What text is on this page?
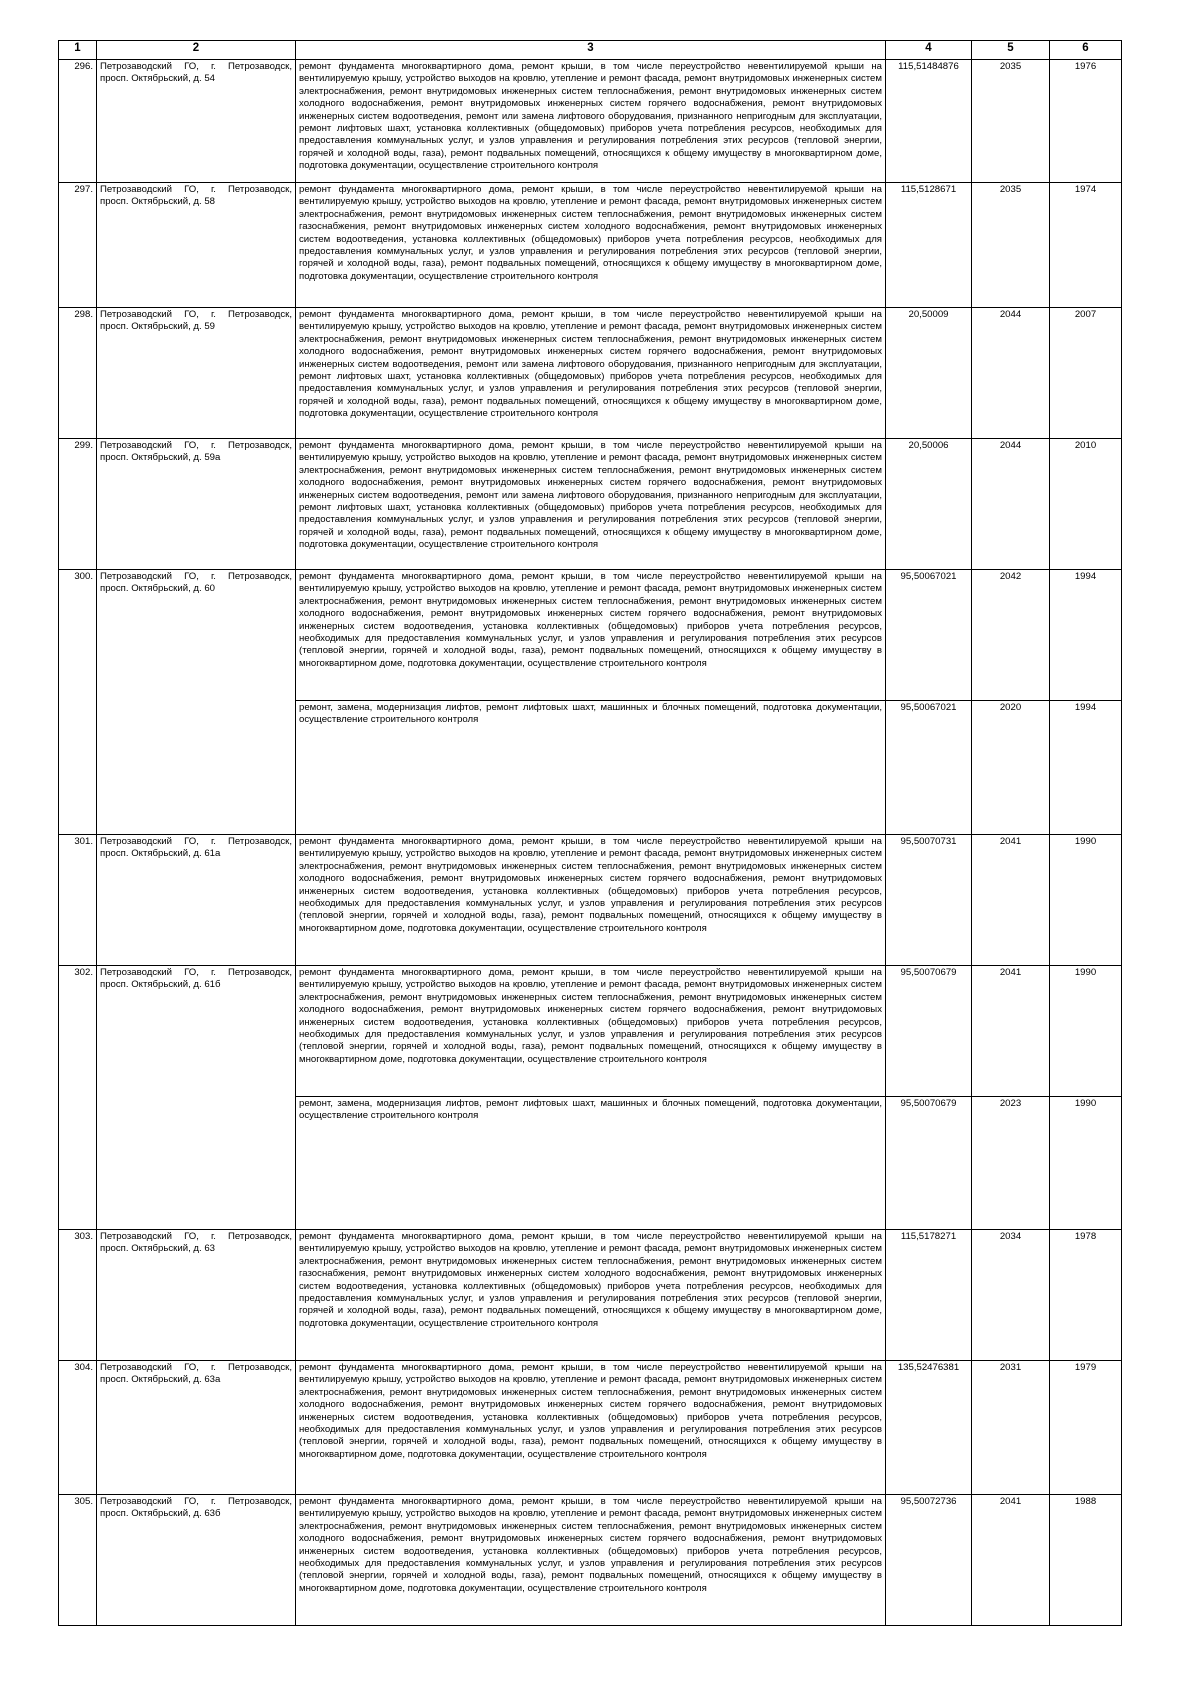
1	2	3	4	5	6
296.	Петрозаводский ГО, г. Петрозаводск, просп. Октябрьский, д. 54	ремонт фундамента многоквартирного дома, ремонт крыши, в том числе переустройство невентилируемой крыши на вентилируемую крышу, устройство выходов на кровлю, утепление и ремонт фасада, ремонт внутридомовых инженерных систем электроснабжения, ремонт внутридомовых инженерных систем теплоснабжения, ремонт внутридомовых инженерных систем холодного водоснабжения, ремонт внутридомовых инженерных систем горячего водоснабжения, ремонт внутридомовых инженерных систем водоотведения, ремонт или замена лифтового оборудования, признанного непригодным для эксплуатации, ремонт лифтовых шахт, установка коллективных (общедомовых) приборов учета потребления ресурсов, необходимых для предоставления коммунальных услуг, и узлов управления и регулирования потребления этих ресурсов (тепловой энергии, горячей и холодной воды, газа), ремонт подвальных помещений, относящихся к общему имуществу в многоквартирном доме, подготовка документации, осуществление строительного контроля	115,51484876	2035	1976
297.	Петрозаводский ГО, г. Петрозаводск, просп. Октябрьский, д. 58	ремонт фундамента многоквартирного дома, ремонт крыши, в том числе переустройство невентилируемой крыши на вентилируемую крышу, устройство выходов на кровлю, утепление и ремонт фасада, ремонт внутридомовых инженерных систем электроснабжения, ремонт внутридомовых инженерных систем теплоснабжения, ремонт внутридомовых инженерных систем газоснабжения, ремонт внутридомовых инженерных систем холодного водоснабжения, ремонт внутридомовых инженерных систем водоотведения, установка коллективных (общедомовых) приборов учета потребления ресурсов, необходимых для предоставления коммунальных услуг, и узлов управления и регулирования потребления этих ресурсов (тепловой энергии, горячей и холодной воды, газа), ремонт подвальных помещений, относящихся к общему имуществу в многоквартирном доме, подготовка документации, осуществление строительного контроля	115,5128671	2035	1974
298.	Петрозаводский ГО, г. Петрозаводск, просп. Октябрьский, д. 59	ремонт фундамента многоквартирного дома, ремонт крыши, в том числе переустройство невентилируемой крыши на вентилируемую крышу, устройство выходов на кровлю, утепление и ремонт фасада, ремонт внутридомовых инженерных систем электроснабжения, ремонт внутридомовых инженерных систем теплоснабжения, ремонт внутридомовых инженерных систем холодного водоснабжения, ремонт внутридомовых инженерных систем горячего водоснабжения, ремонт внутридомовых инженерных систем водоотведения, ремонт или замена лифтового оборудования, признанного непригодным для эксплуатации, ремонт лифтовых шахт, установка коллективных (общедомовых) приборов учета потребления ресурсов, необходимых для предоставления коммунальных услуг, и узлов управления и регулирования потребления этих ресурсов (тепловой энергии, горячей и холодной воды, газа), ремонт подвальных помещений, относящихся к общему имуществу в многоквартирном доме, подготовка документации, осуществление строительного контроля	20,50009	2044	2007
299.	Петрозаводский ГО, г. Петрозаводск, просп. Октябрьский, д. 59а	ремонт фундамента многоквартирного дома, ремонт крыши, в том числе переустройство невентилируемой крыши на вентилируемую крышу, устройство выходов на кровлю, утепление и ремонт фасада, ремонт внутридомовых инженерных систем электроснабжения, ремонт внутридомовых инженерных систем теплоснабжения, ремонт внутридомовых инженерных систем холодного водоснабжения, ремонт внутридомовых инженерных систем горячего водоснабжения, ремонт внутридомовых инженерных систем водоотведения, ремонт или замена лифтового оборудования, признанного непригодным для эксплуатации, ремонт лифтовых шахт, установка коллективных (общедомовых) приборов учета потребления ресурсов, необходимых для предоставления коммунальных услуг, и узлов управления и регулирования потребления этих ресурсов (тепловой энергии, горячей и холодной воды, газа), ремонт подвальных помещений, относящихся к общему имуществу в многоквартирном доме, подготовка документации, осуществление строительного контроля	20,50006	2044	2010
300.	Петрозаводский ГО, г. Петрозаводск, просп. Октябрьский, д. 60	ремонт фундамента многоквартирного дома, ремонт крыши, в том числе переустройство невентилируемой крыши на вентилируемую крышу, устройство выходов на кровлю, утепление и ремонт фасада, ремонт внутридомовых инженерных систем электроснабжения, ремонт внутридомовых инженерных систем теплоснабжения, ремонт внутридомовых инженерных систем холодного водоснабжения, ремонт внутридомовых инженерных систем горячего водоснабжения, ремонт внутридомовых инженерных систем водоотведения, установка коллективных (общедомовых) приборов учета потребления ресурсов, необходимых для предоставления коммунальных услуг, и узлов управления и регулирования потребления этих ресурсов (тепловой энергии, горячей и холодной воды, газа), ремонт подвальных помещений, относящихся к общему имуществу в многоквартирном доме, подготовка документации, осуществление строительного контроля	95,50067021	2042	1994
		ремонт, замена, модернизация лифтов, ремонт лифтовых шахт, машинных и блочных помещений, подготовка документации, осуществление строительного контроля	95,50067021	2020	1994
301.	Петрозаводский ГО, г. Петрозаводск, просп. Октябрьский, д. 61а	ремонт фундамента многоквартирного дома, ремонт крыши, в том числе переустройство невентилируемой крыши на вентилируемую крышу, устройство выходов на кровлю, утепление и ремонт фасада, ремонт внутридомовых инженерных систем электроснабжения, ремонт внутридомовых инженерных систем теплоснабжения, ремонт внутридомовых инженерных систем холодного водоснабжения, ремонт внутридомовых инженерных систем горячего водоснабжения, ремонт внутридомовых инженерных систем водоотведения, установка коллективных (общедомовых) приборов учета потребления ресурсов, необходимых для предоставления коммунальных услуг, и узлов управления и регулирования потребления этих ресурсов (тепловой энергии, горячей и холодной воды, газа), ремонт подвальных помещений, относящихся к общему имуществу в многоквартирном доме, подготовка документации, осуществление строительного контроля	95,50070731	2041	1990
302.	Петрозаводский ГО, г. Петрозаводск, просп. Октябрьский, д. 61б	ремонт фундамента многоквартирного дома, ремонт крыши, в том числе переустройство невентилируемой крыши на вентилируемую крышу, устройство выходов на кровлю, утепление и ремонт фасада, ремонт внутридомовых инженерных систем электроснабжения, ремонт внутридомовых инженерных систем теплоснабжения, ремонт внутридомовых инженерных систем холодного водоснабжения, ремонт внутридомовых инженерных систем горячего водоснабжения, ремонт внутридомовых инженерных систем водоотведения, установка коллективных (общедомовых) приборов учета потребления ресурсов, необходимых для предоставления коммунальных услуг, и узлов управления и регулирования потребления этих ресурсов (тепловой энергии, горячей и холодной воды, газа), ремонт подвальных помещений, относящихся к общему имуществу в многоквартирном доме, подготовка документации, осуществление строительного контроля	95,50070679	2041	1990
		ремонт, замена, модернизация лифтов, ремонт лифтовых шахт, машинных и блочных помещений, подготовка документации, осуществление строительного контроля	95,50070679	2023	1990
303.	Петрозаводский ГО, г. Петрозаводск, просп. Октябрьский, д. 63	ремонт фундамента многоквартирного дома, ремонт крыши, в том числе переустройство невентилируемой крыши на вентилируемую крышу, устройство выходов на кровлю, утепление и ремонт фасада, ремонт внутридомовых инженерных систем электроснабжения, ремонт внутридомовых инженерных систем теплоснабжения, ремонт внутридомовых инженерных систем газоснабжения, ремонт внутридомовых инженерных систем холодного водоснабжения, ремонт внутридомовых инженерных систем водоотведения, установка коллективных (общедомовых) приборов учета потребления ресурсов, необходимых для предоставления коммунальных услуг, и узлов управления и регулирования потребления этих ресурсов (тепловой энергии, горячей и холодной воды, газа), ремонт подвальных помещений, относящихся к общему имуществу в многоквартирном доме, подготовка документации, осуществление строительного контроля	115,5178271	2034	1978
304.	Петрозаводский ГО, г. Петрозаводск, просп. Октябрьский, д. 63а	ремонт фундамента многоквартирного дома, ремонт крыши, в том числе переустройство невентилируемой крыши на вентилируемую крышу, устройство выходов на кровлю, утепление и ремонт фасада, ремонт внутридомовых инженерных систем электроснабжения, ремонт внутридомовых инженерных систем теплоснабжения, ремонт внутридомовых инженерных систем холодного водоснабжения, ремонт внутридомовых инженерных систем горячего водоснабжения, ремонт внутридомовых инженерных систем водоотведения, установка коллективных (общедомовых) приборов учета потребления ресурсов, необходимых для предоставления коммунальных услуг, и узлов управления и регулирования потребления этих ресурсов (тепловой энергии, горячей и холодной воды, газа), ремонт подвальных помещений, относящихся к общему имуществу в многоквартирном доме, подготовка документации, осуществление строительного контроля	135,52476381	2031	1979
305.	Петрозаводский ГО, г. Петрозаводск, просп. Октябрьский, д. 63б	ремонт фундамента многоквартирного дома, ремонт крыши, в том числе переустройство невентилируемой крыши на вентилируемую крышу, устройство выходов на кровлю, утепление и ремонт фасада, ремонт внутридомовых инженерных систем электроснабжения, ремонт внутридомовых инженерных систем теплоснабжения, ремонт внутридомовых инженерных систем холодного водоснабжения, ремонт внутридомовых инженерных систем горячего водоснабжения, ремонт внутридомовых инженерных систем водоотведения, установка коллективных (общедомовых) приборов учета потребления ресурсов, необходимых для предоставления коммунальных услуг, и узлов управления и регулирования потребления этих ресурсов (тепловой энергии, горячей и холодной воды, газа), ремонт подвальных помещений, относящихся к общему имуществу в многоквартирном доме, подготовка документации, осуществление строительного контроля	95,50072736	2041	1988
